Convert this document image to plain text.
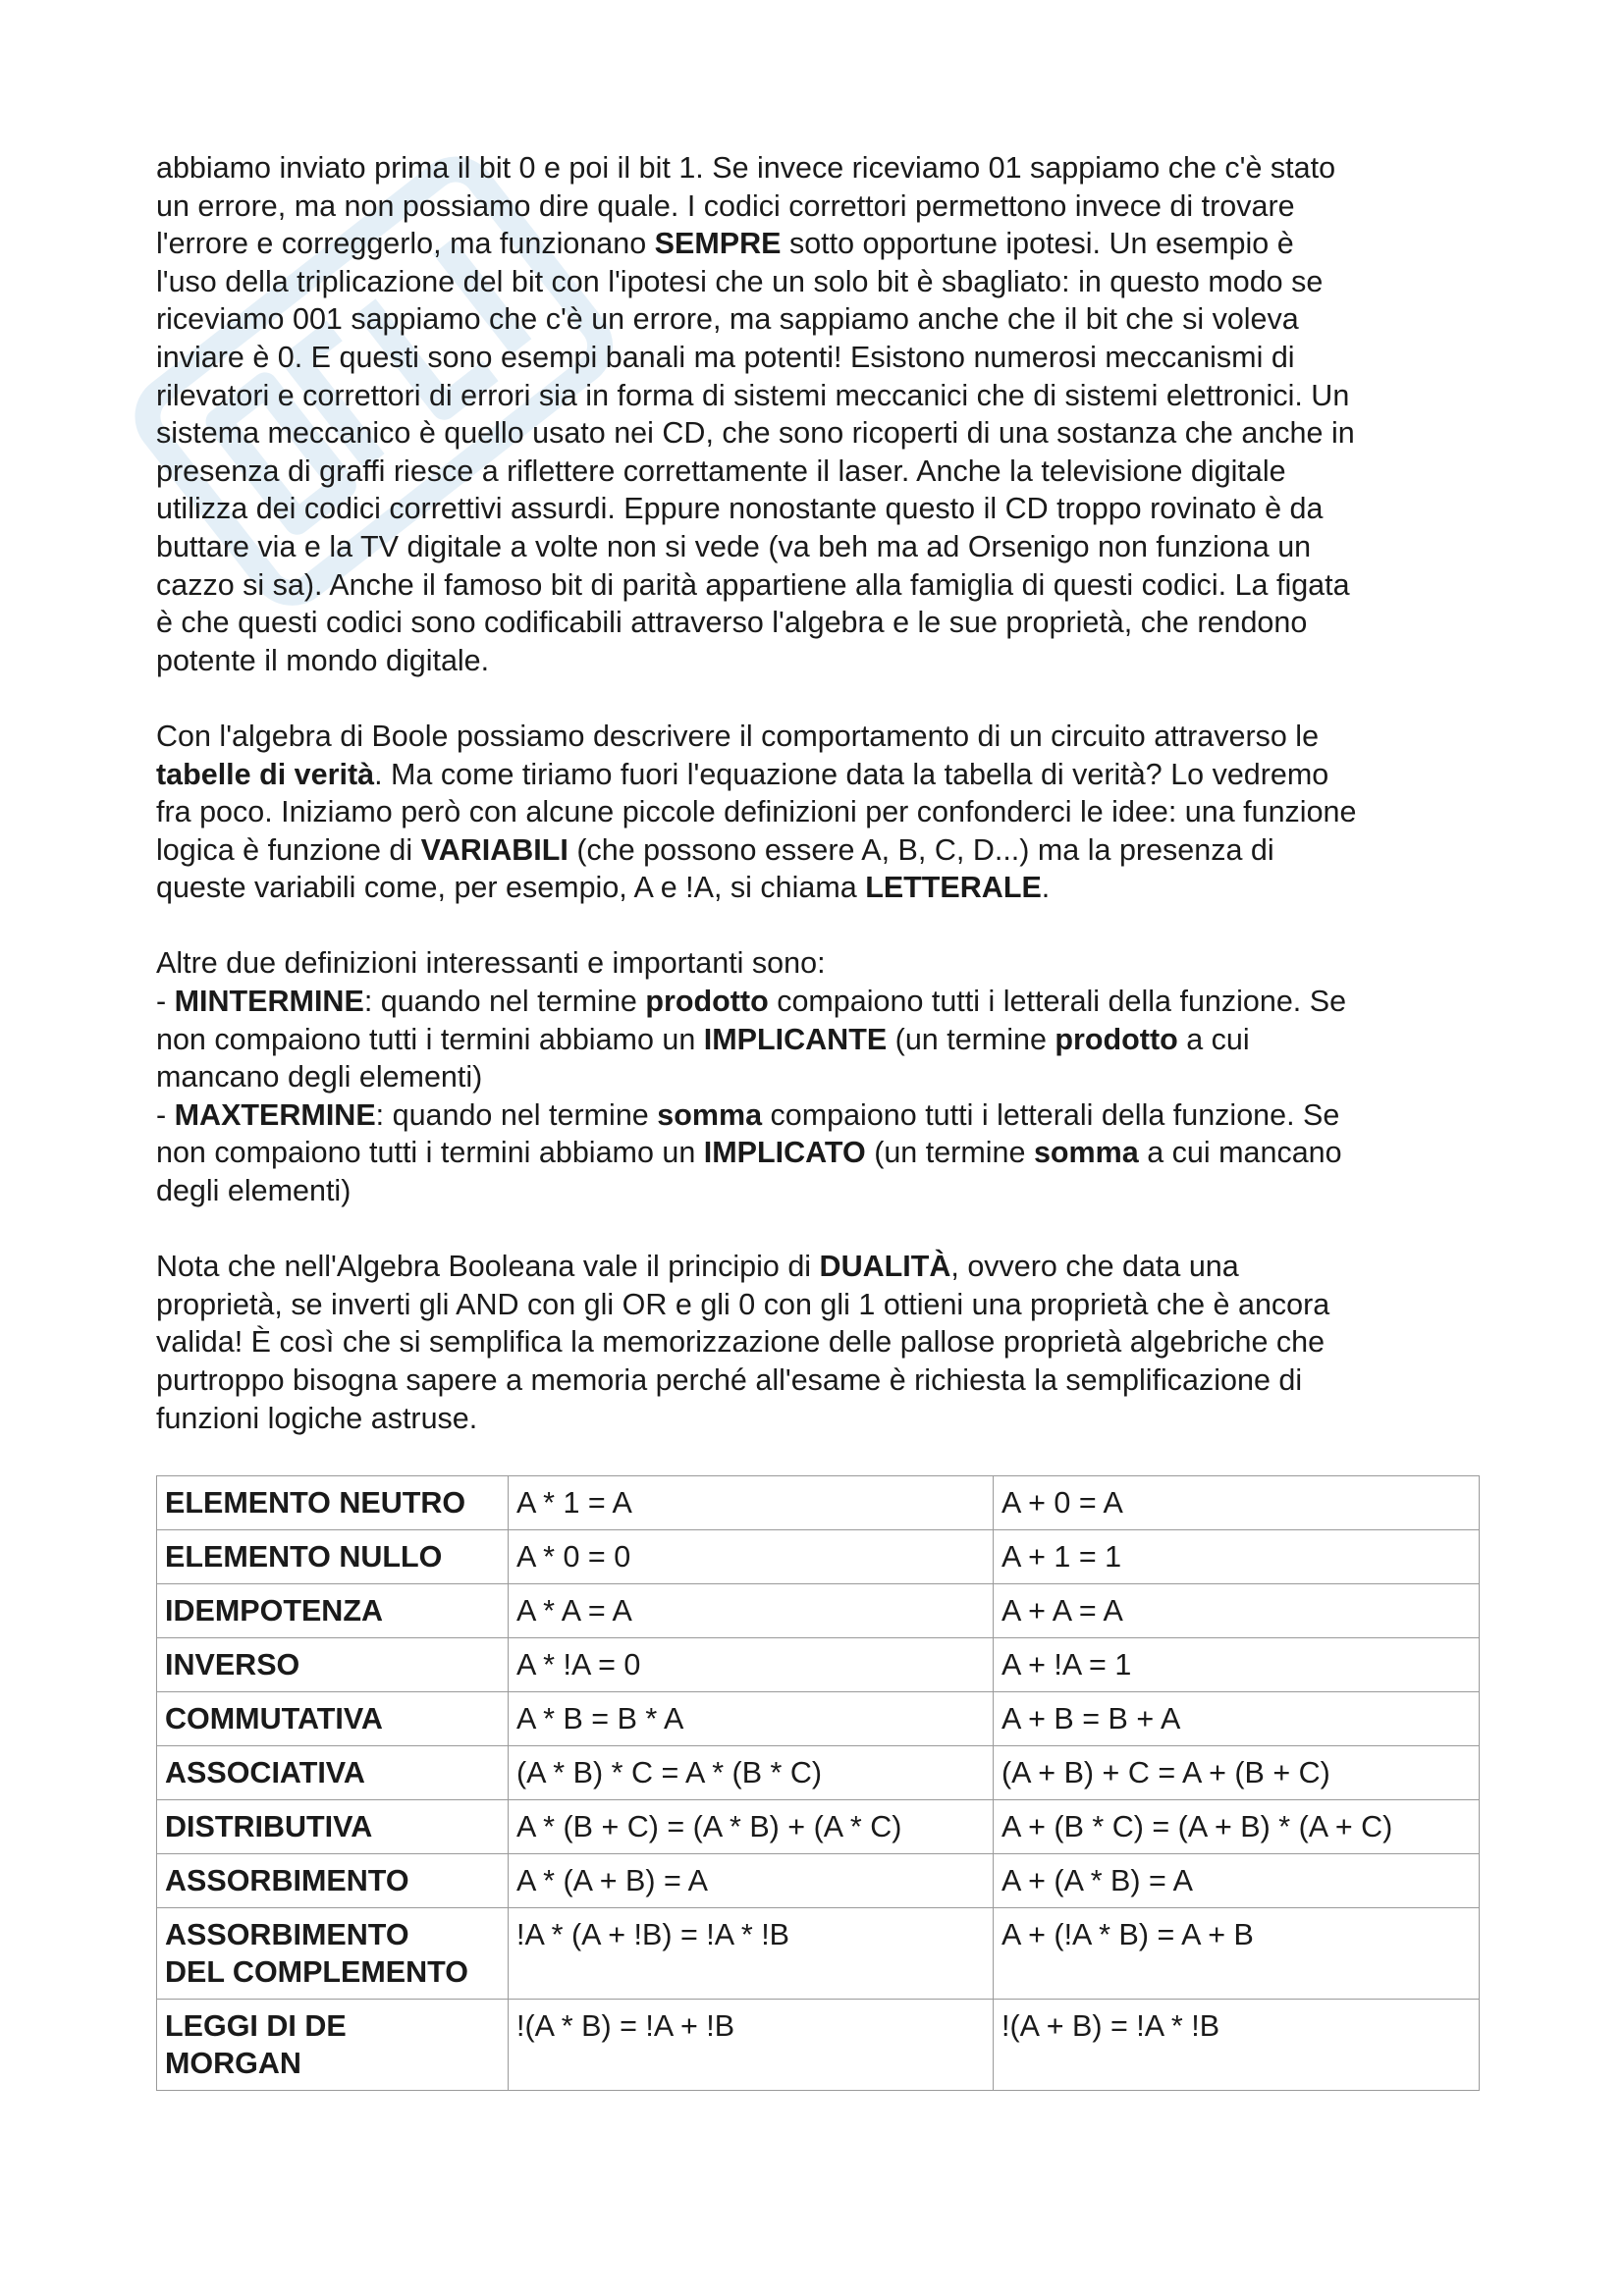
abbiamo inviato prima il bit 0 e poi il bit 1. Se invece riceviamo 01 sappiamo che c'è stato
un errore, ma non possiamo dire quale. I codici correttori permettono invece di trovare
l'errore e correggerlo, ma funzionano SEMPRE sotto opportune ipotesi. Un esempio è
l'uso della triplicazione del bit con l'ipotesi che un solo bit è sbagliato: in questo modo se
riceviamo 001 sappiamo che c'è un errore, ma sappiamo anche che il bit che si voleva
inviare è 0. E questi sono esempi banali ma potenti! Esistono numerosi meccanismi di
rilevatori e correttori di errori sia in forma di sistemi meccanici che di sistemi elettronici. Un
sistema meccanico è quello usato nei CD, che sono ricoperti di una sostanza che anche in
presenza di graffi riesce a riflettere correttamente il laser. Anche la televisione digitale
utilizza dei codici correttivi assurdi. Eppure nonostante questo il CD troppo rovinato è da
buttare via e la TV digitale a volte non si vede (va beh ma ad Orsenigo non funziona un
cazzo si sa). Anche il famoso bit di parità appartiene alla famiglia di questi codici. La figata
è che questi codici sono codificabili attraverso l'algebra e le sue proprietà, che rendono
potente il mondo digitale.
Con l'algebra di Boole possiamo descrivere il comportamento di un circuito attraverso le
tabelle di verità. Ma come tiriamo fuori l'equazione data la tabella di verità? Lo vedremo
fra poco. Iniziamo però con alcune piccole definizioni per confonderci le idee: una funzione
logica è funzione di VARIABILI (che possono essere A, B, C, D...) ma la presenza di
queste variabili come, per esempio, A e !A, si chiama LETTERALE.
Altre due definizioni interessanti e importanti sono:
- MINTERMINE: quando nel termine prodotto compaiono tutti i letterali della funzione. Se
non compaiono tutti i termini abbiamo un IMPLICANTE (un termine prodotto a cui
mancano degli elementi)
- MAXTERMINE: quando nel termine somma compaiono tutti i letterali della funzione. Se
non compaiono tutti i termini abbiamo un IMPLICATO (un termine somma a cui mancano
degli elementi)
Nota che nell'Algebra Booleana vale il principio di DUALITÀ, ovvero che data una
proprietà, se inverti gli AND con gli OR e gli 0 con gli 1 ottieni una proprietà che è ancora
valida! È così che si semplifica la memorizzazione delle pallose proprietà algebriche che
purtroppo bisogna sapere a memoria perché all'esame è richiesta la semplificazione di
funzioni logiche astruse.
ELEMENTO NEUTRO	A * 1 = A	A + 0 = A
ELEMENTO NULLO	A * 0 = 0	A + 1 = 1
IDEMPOTENZA	A * A = A	A + A = A
INVERSO	A * !A = 0	A + !A = 1
COMMUTATIVA	A * B = B * A	A + B = B + A
ASSOCIATIVA	(A * B) * C = A * (B * C)	(A + B) + C = A + (B + C)
DISTRIBUTIVA	A * (B + C) = (A * B) + (A * C)	A + (B * C) = (A + B) * (A + C)
ASSORBIMENTO	A * (A + B) = A	A + (A * B) = A

ASSORBIMENTO
DEL COMPLEMENTO	!A * (A + !B) = !A * !B	A + (!A * B) = A + B

LEGGI DI DE
MORGAN	!(A * B) = !A + !B	!(A + B) = !A * !B
